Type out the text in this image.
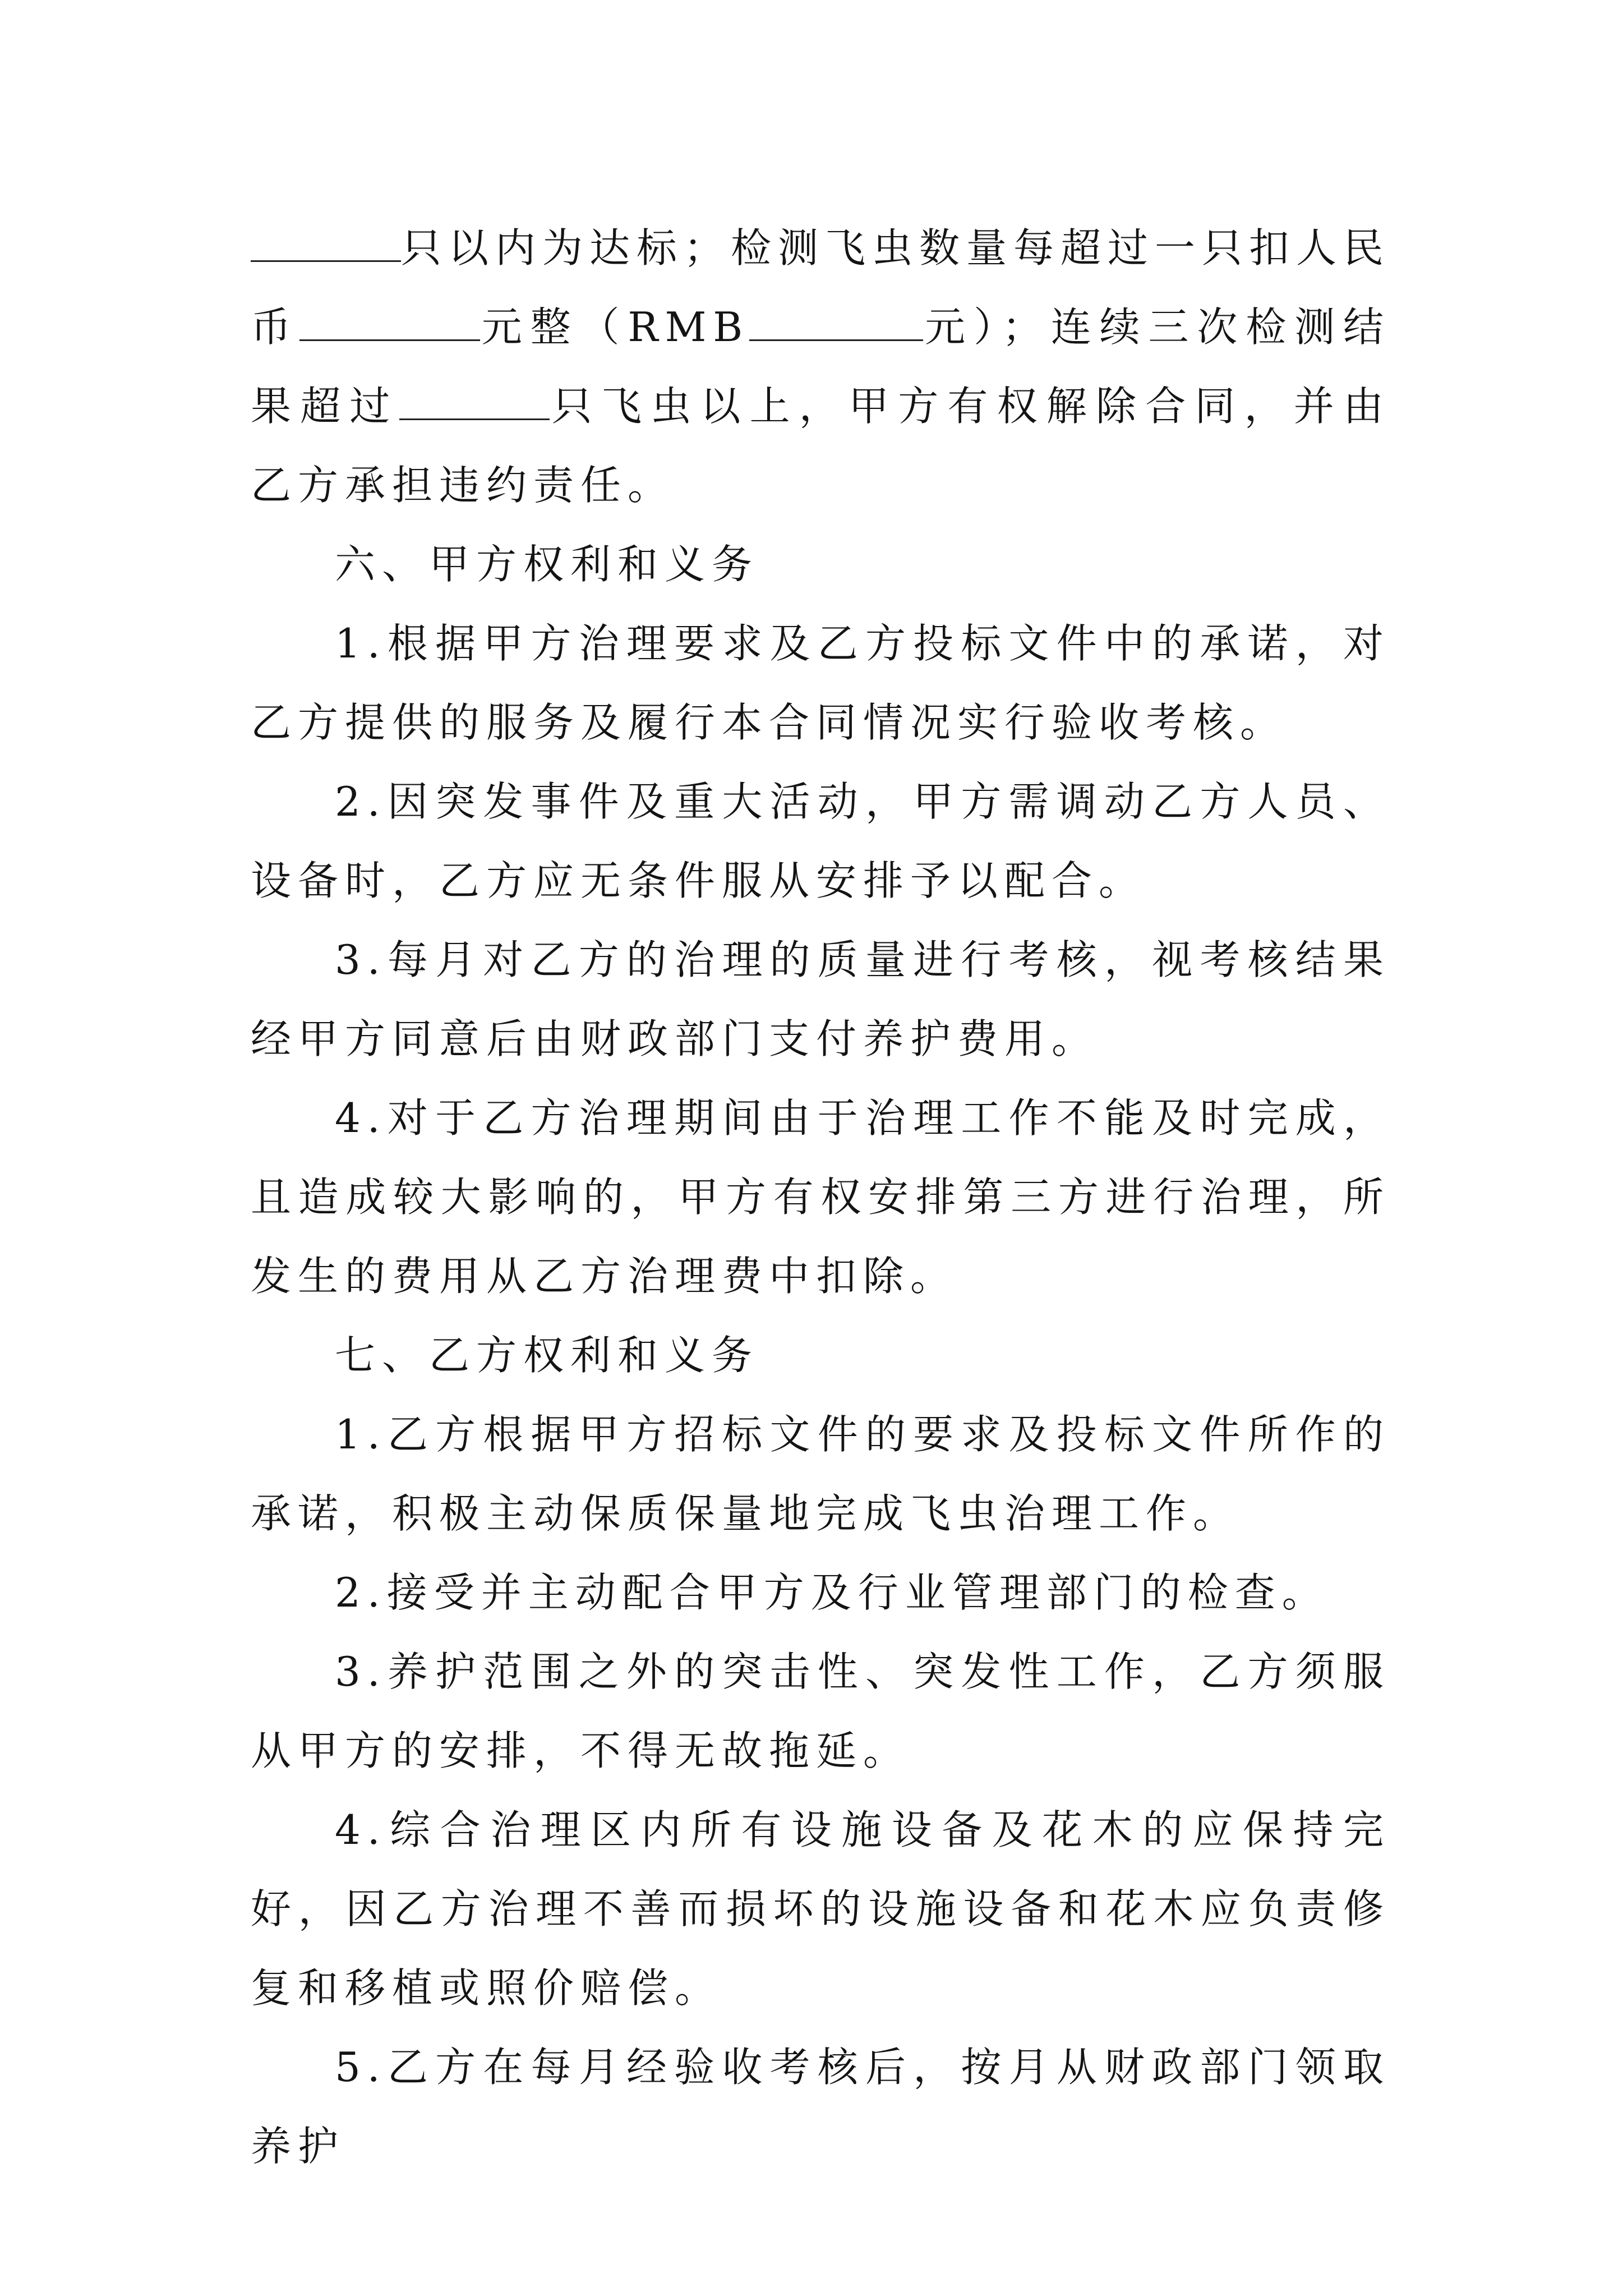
只以内为达标；检测飞虫数量每超过一只扣人民币	元整（RMB	元）；连续三次检测结果超过	只飞虫以上，甲方有权解除合同，并由乙方承担违约责任。

六、甲方权利和义务

1.根据甲方治理要求及乙方投标文件中的承诺，对乙方提供的服务及履行本合同情况实行验收考核。

2.因突发事件及重大活动，甲方需调动乙方人员、设备时，乙方应无条件服从安排予以配合。

3.每月对乙方的治理的质量进行考核，视考核结果经甲方同意后由财政部门支付养护费用。

4.对于乙方治理期间由于治理工作不能及时完成，且造成较大影响的，甲方有权安排第三方进行治理，所发生的费用从乙方治理费中扣除。

七、乙方权利和义务

1.乙方根据甲方招标文件的要求及投标文件所作的承诺，积极主动保质保量地完成飞虫治理工作。

2.接受并主动配合甲方及行业管理部门的检查。

3.养护范围之外的突击性、突发性工作，乙方须服从甲方的安排，不得无故拖延。

4.综合治理区内所有设施设备及花木的应保持完好，因乙方治理不善而损坏的设施设备和花木应负责修复和移植或照价赔偿。

5.乙方在每月经验收考核后，按月从财政部门领取养护
